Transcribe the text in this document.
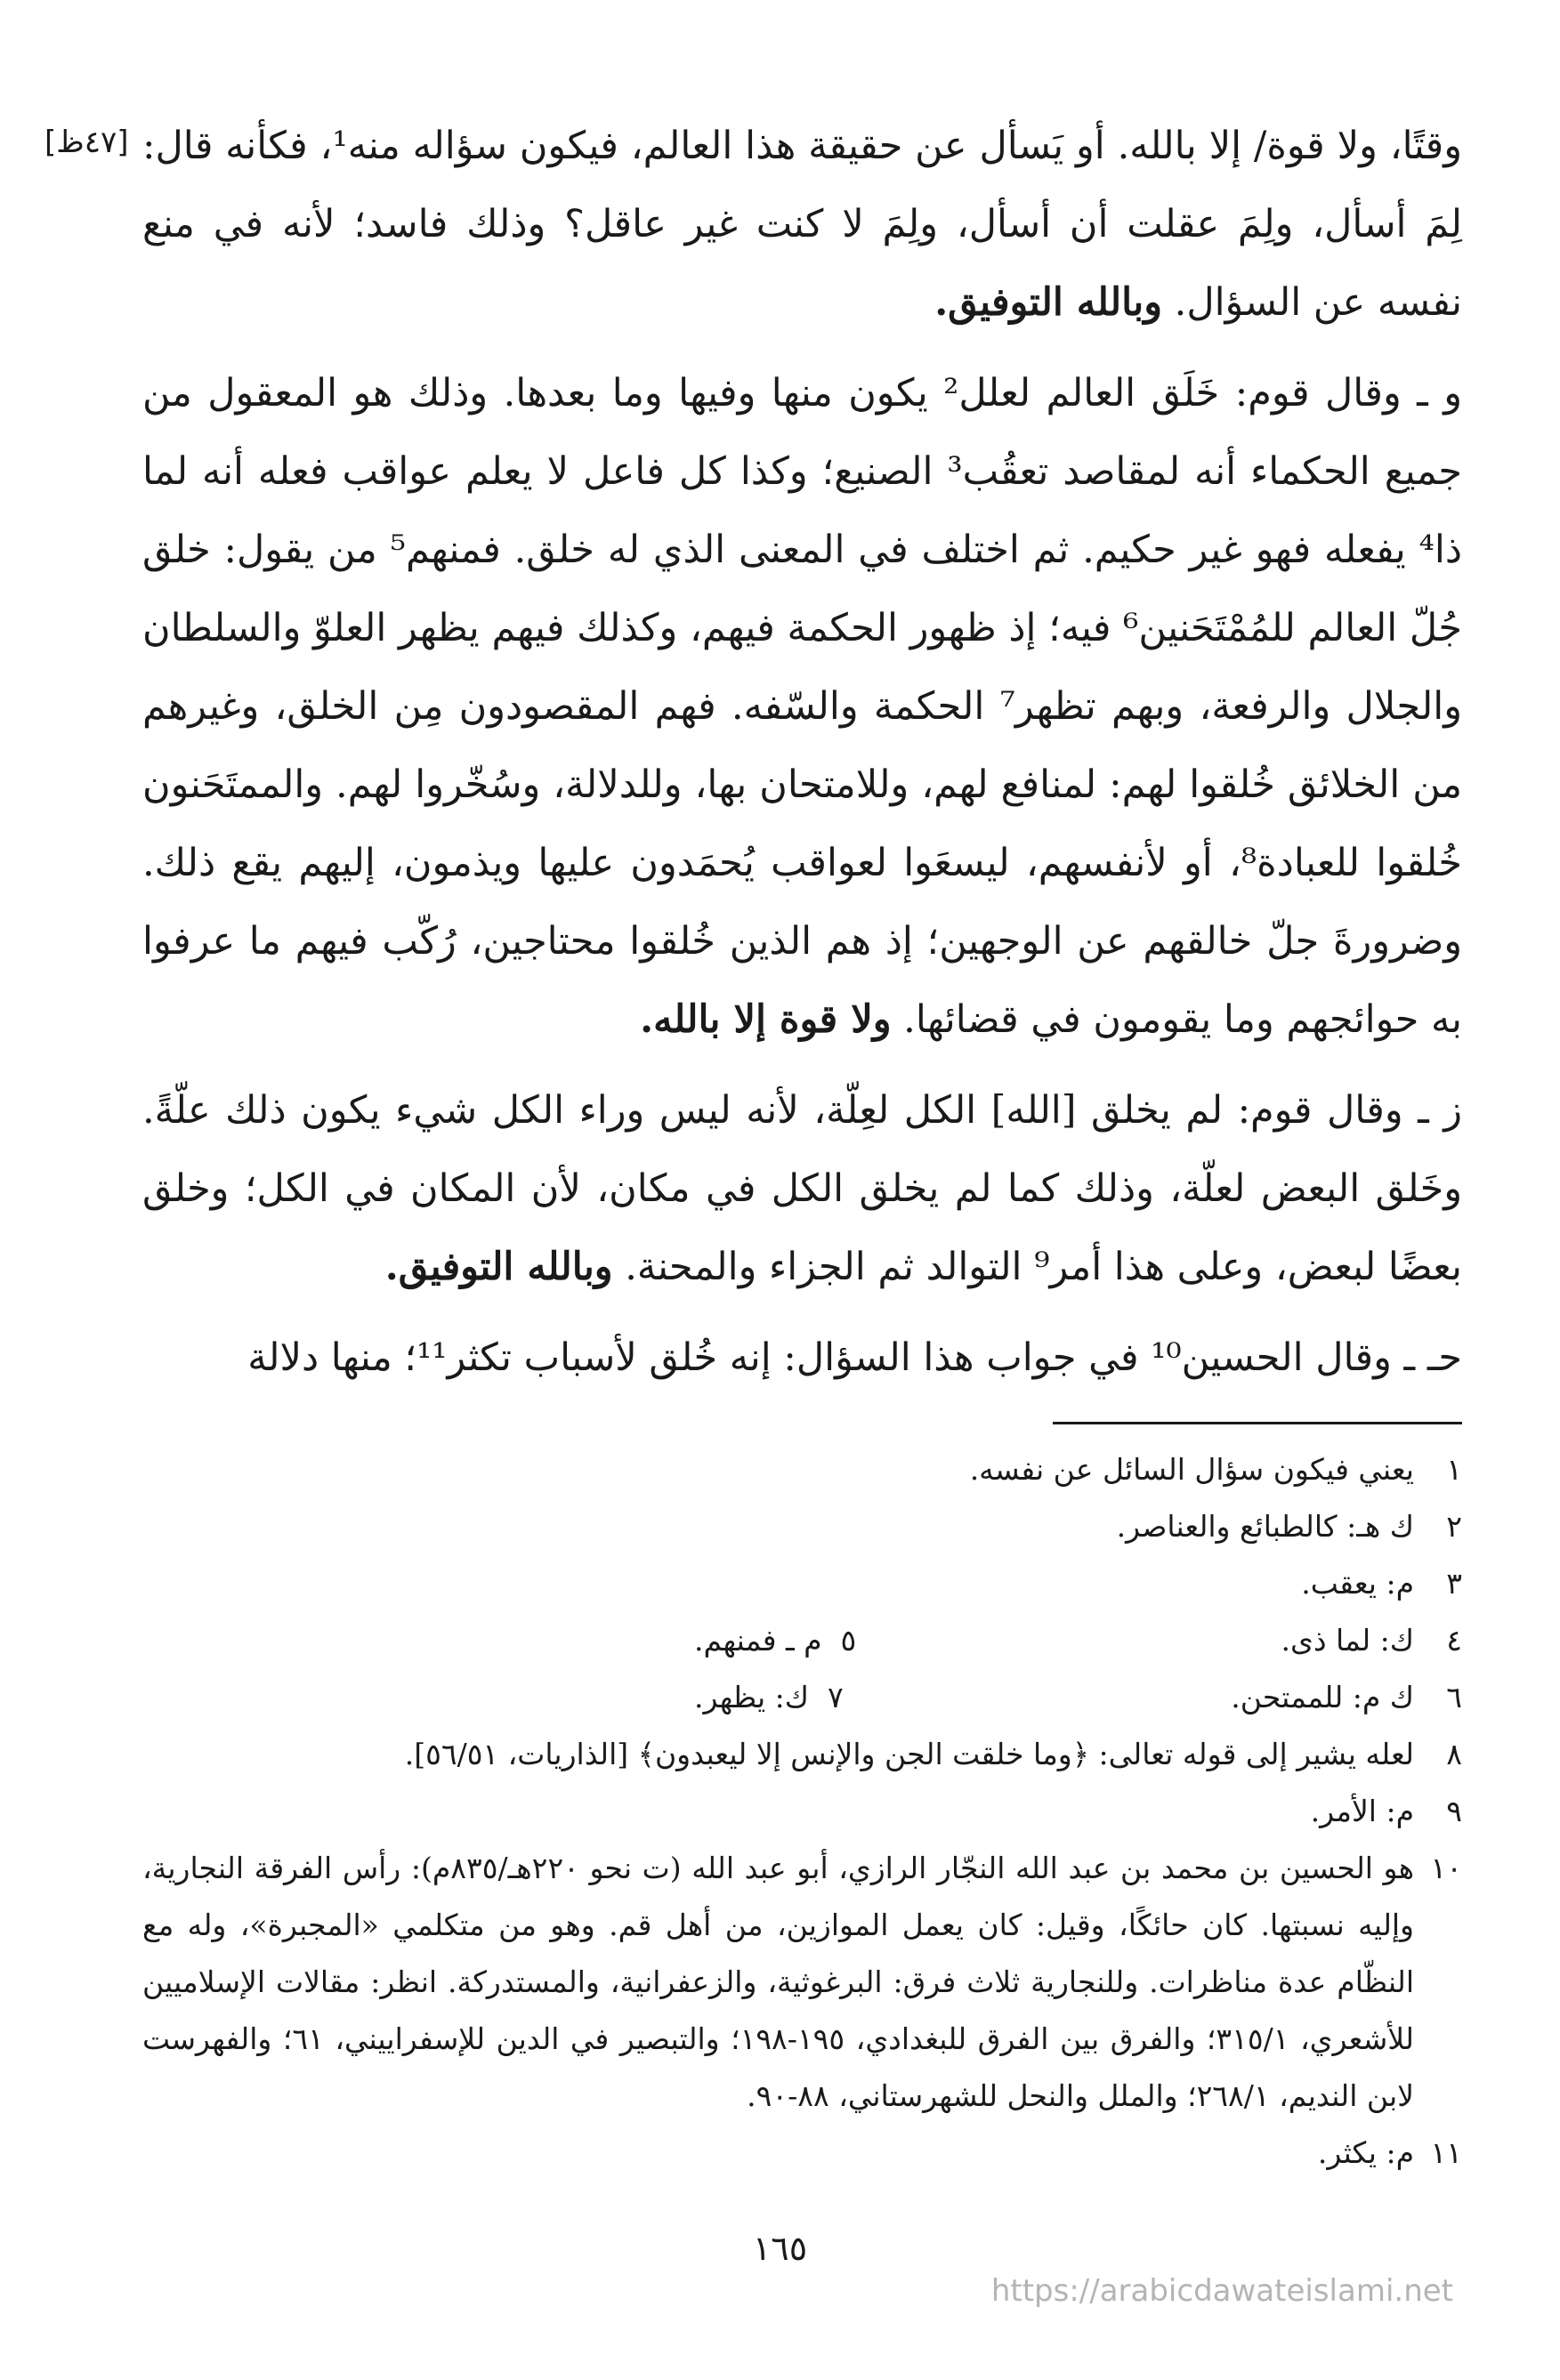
[٤٧ظ] وقتًا، ولا قوة/ إلا بالله. أو يَسأل عن حقيقة هذا العالم، فيكون سؤاله منه¹، فكأنه قال: لِمَ أسأل، ولِمَ عقلت أن أسأل، ولِمَ لا كنت غير عاقل؟ وذلك فاسد؛ لأنه في منع نفسه عن السؤال. وبالله التوفيق.

و ـ وقال قوم: خَلَق العالم لعلل² يكون منها وفيها وما بعدها. وذلك هو المعقول من جميع الحكماء أنه لمقاصد تعقُب³ الصنيع؛ وكذا كل فاعل لا يعلم عواقب فعله أنه لما ذا⁴ يفعله فهو غير حكيم. ثم اختلف في المعنى الذي له خلق. فمنهم⁵ من يقول: خلق جُلّ العالم للمُمْتَحَنين⁶ فيه؛ إذ ظهور الحكمة فيهم، وكذلك فيهم يظهر العلوّ والسلطان والجلال والرفعة، وبهم تظهر⁷ الحكمة والسّفه. فهم المقصودون مِن الخلق، وغيرهم من الخلائق خُلقوا لهم: لمنافع لهم، وللامتحان بها، وللدلالة، وسُخّروا لهم. والممتَحَنون خُلقوا للعبادة⁸، أو لأنفسهم، ليسعَوا لعواقب يُحمَدون عليها ويذمون، إليهم يقع ذلك. وضرورةَ جلّ خالقهم عن الوجهين؛ إذ هم الذين خُلقوا محتاجين، رُكّب فيهم ما عرفوا به حوائجهم وما يقومون في قضائها. ولا قوة إلا بالله.

ز ـ وقال قوم: لم يخلق [الله] الكل لعِلّة، لأنه ليس وراء الكل شيء يكون ذلك علّةً. وخَلق البعض لعلّة، وذلك كما لم يخلق الكل في مكان، لأن المكان في الكل؛ وخلق بعضًا لبعض، وعلى هذا أمر⁹ التوالد ثم الجزاء والمحنة. وبالله التوفيق.

حـ ـ وقال الحسين¹⁰ في جواب هذا السؤال: إنه خُلق لأسباب تكثر¹¹؛ منها دلالة

١
يعني فيكون سؤال السائل عن نفسه.
٢
ك هـ: كالطبائع والعناصر.
٣
م: يعقب.
٤
ك: لما ذى.
٥  م ـ فمنهم.
٦
ك م: للممتحن.
٧  ك: يظهر.
٨
لعله يشير إلى قوله تعالى: ﴿وما خلقت الجن والإنس إلا ليعبدون﴾ [الذاريات، ٥٦/٥١].
٩
م: الأمر.
١٠
هو الحسين بن محمد بن عبد الله النجّار الرازي، أبو عبد الله (ت نحو ٢٢٠هـ/٨٣٥م): رأس الفرقة النجارية، وإليه نسبتها. كان حائكًا، وقيل: كان يعمل الموازين، من أهل قم. وهو من متكلمي «المجبرة»، وله مع النظّام عدة مناظرات. وللنجارية ثلاث فرق: البرغوثية، والزعفرانية، والمستدركة. انظر: مقالات الإسلاميين للأشعري، ٣١٥/١؛ والفرق بين الفرق للبغدادي، ١٩٥-١٩٨؛ والتبصير في الدين للإسفراييني، ٦١؛ والفهرست لابن النديم، ٢٦٨/١؛ والملل والنحل للشهرستاني، ٨٨-٩٠.
١١
م: يكثر.
١٦٥
https://arabicdawateislami.net
